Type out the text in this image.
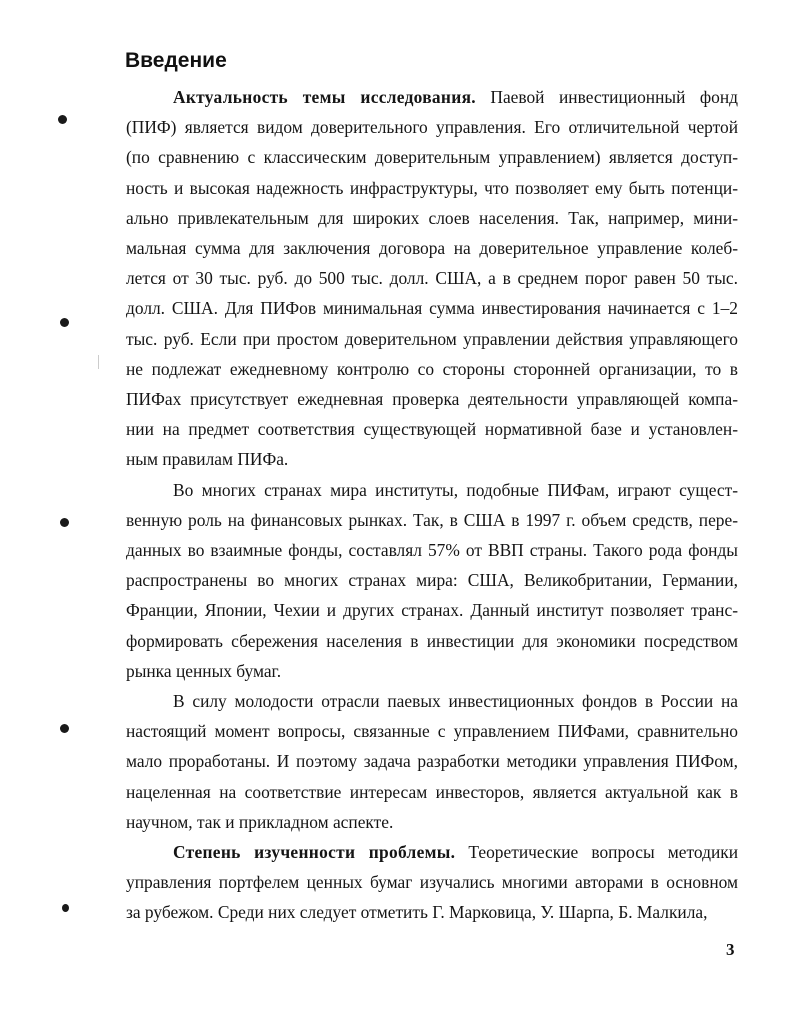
Введение
Актуальность темы исследования. Паевой инвестиционный фонд
(ПИФ) является видом доверительного управления. Его отличительной чертой
(по сравнению с классическим доверительным управлением) является доступ-
ность и высокая надежность инфраструктуры, что позволяет ему быть потенци-
ально привлекательным для широких слоев населения. Так, например, мини-
мальная сумма для заключения договора на доверительное управление колеб-
лется от 30 тыс. руб. до 500 тыс. долл. США, а в среднем порог равен 50 тыс.
долл. США. Для ПИФов минимальная сумма инвестирования начинается с 1–2
тыс. руб. Если при простом доверительном управлении действия управляющего
не подлежат ежедневному контролю со стороны сторонней организации, то в
ПИФах присутствует ежедневная проверка деятельности управляющей компа-
нии на предмет соответствия существующей нормативной базе и установлен-
ным правилам ПИФа.
Во многих странах мира институты, подобные ПИФам, играют сущест-
венную роль на финансовых рынках. Так, в США в 1997 г. объем средств, пере-
данных во взаимные фонды, составлял 57% от ВВП страны. Такого рода фонды
распространены во многих странах мира: США, Великобритании, Германии,
Франции, Японии, Чехии и других странах. Данный институт позволяет транс-
формировать сбережения населения в инвестиции для экономики посредством
рынка ценных бумаг.
В силу молодости отрасли паевых инвестиционных фондов в России на
настоящий момент вопросы, связанные с управлением ПИФами, сравнительно
мало проработаны. И поэтому задача разработки методики управления ПИФом,
нацеленная на соответствие интересам инвесторов, является актуальной как в
научном, так и прикладном аспекте.
Степень изученности проблемы. Теоретические вопросы методики
управления портфелем ценных бумаг изучались многими авторами в основном
за рубежом. Среди них следует отметить Г. Марковица, У. Шарпа, Б. Малкила,
3
